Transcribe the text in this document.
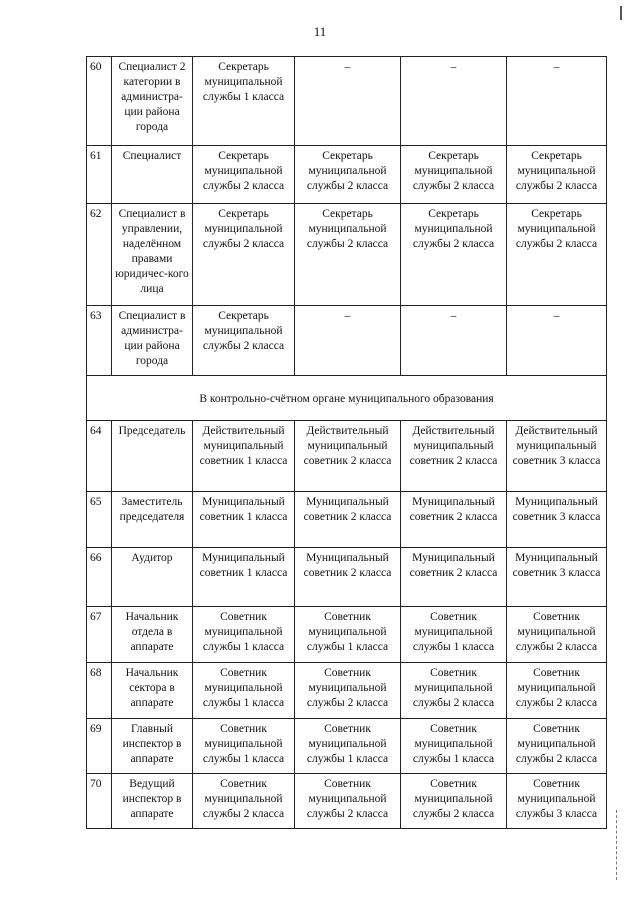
11
60	Специалист 2 категории в администра-ции района города	Секретарь муниципальной службы 1 класса	–	–	–
61	Специалист	Секретарь муниципальной службы 2 класса	Секретарь муниципальной службы 2 класса	Секретарь муниципальной службы 2 класса	Секретарь муниципальной службы 2 класса
62	Специалист в управлении, наделённом правами юридичес-кого лица	Секретарь муниципальной службы 2 класса	Секретарь муниципальной службы 2 класса	Секретарь муниципальной службы 2 класса	Секретарь муниципальной службы 2 класса
63	Специалист в администра-ции района города	Секретарь муниципальной службы 2 класса	–	–	–
В контрольно-счётном органе муниципального образования					
64	Председатель	Действительный муниципальный советник 1 класса	Действительный муниципальный советник 2 класса	Действительный муниципальный советник 2 класса	Действительный муниципальный советник 3 класса
65	Заместитель председателя	Муниципальный советник 1 класса	Муниципальный советник 2 класса	Муниципальный советник 2 класса	Муниципальный советник 3 класса
66	Аудитор	Муниципальный советник 1 класса	Муниципальный советник 2 класса	Муниципальный советник 2 класса	Муниципальный советник 3 класса
67	Начальник отдела в аппарате	Советник муниципальной службы 1 класса	Советник муниципальной службы 1 класса	Советник муниципальной службы 1 класса	Советник муниципальной службы 2 класса
68	Начальник сектора в аппарате	Советник муниципальной службы 1 класса	Советник муниципальной службы 2 класса	Советник муниципальной службы 2 класса	Советник муниципальной службы 2 класса
69	Главный инспектор в аппарате	Советник муниципальной службы 1 класса	Советник муниципальной службы 1 класса	Советник муниципальной службы 1 класса	Советник муниципальной службы 2 класса
70	Ведущий инспектор в аппарате	Советник муниципальной службы 2 класса	Советник муниципальной службы 2 класса	Советник муниципальной службы 2 класса	Советник муниципальной службы 3 класса
